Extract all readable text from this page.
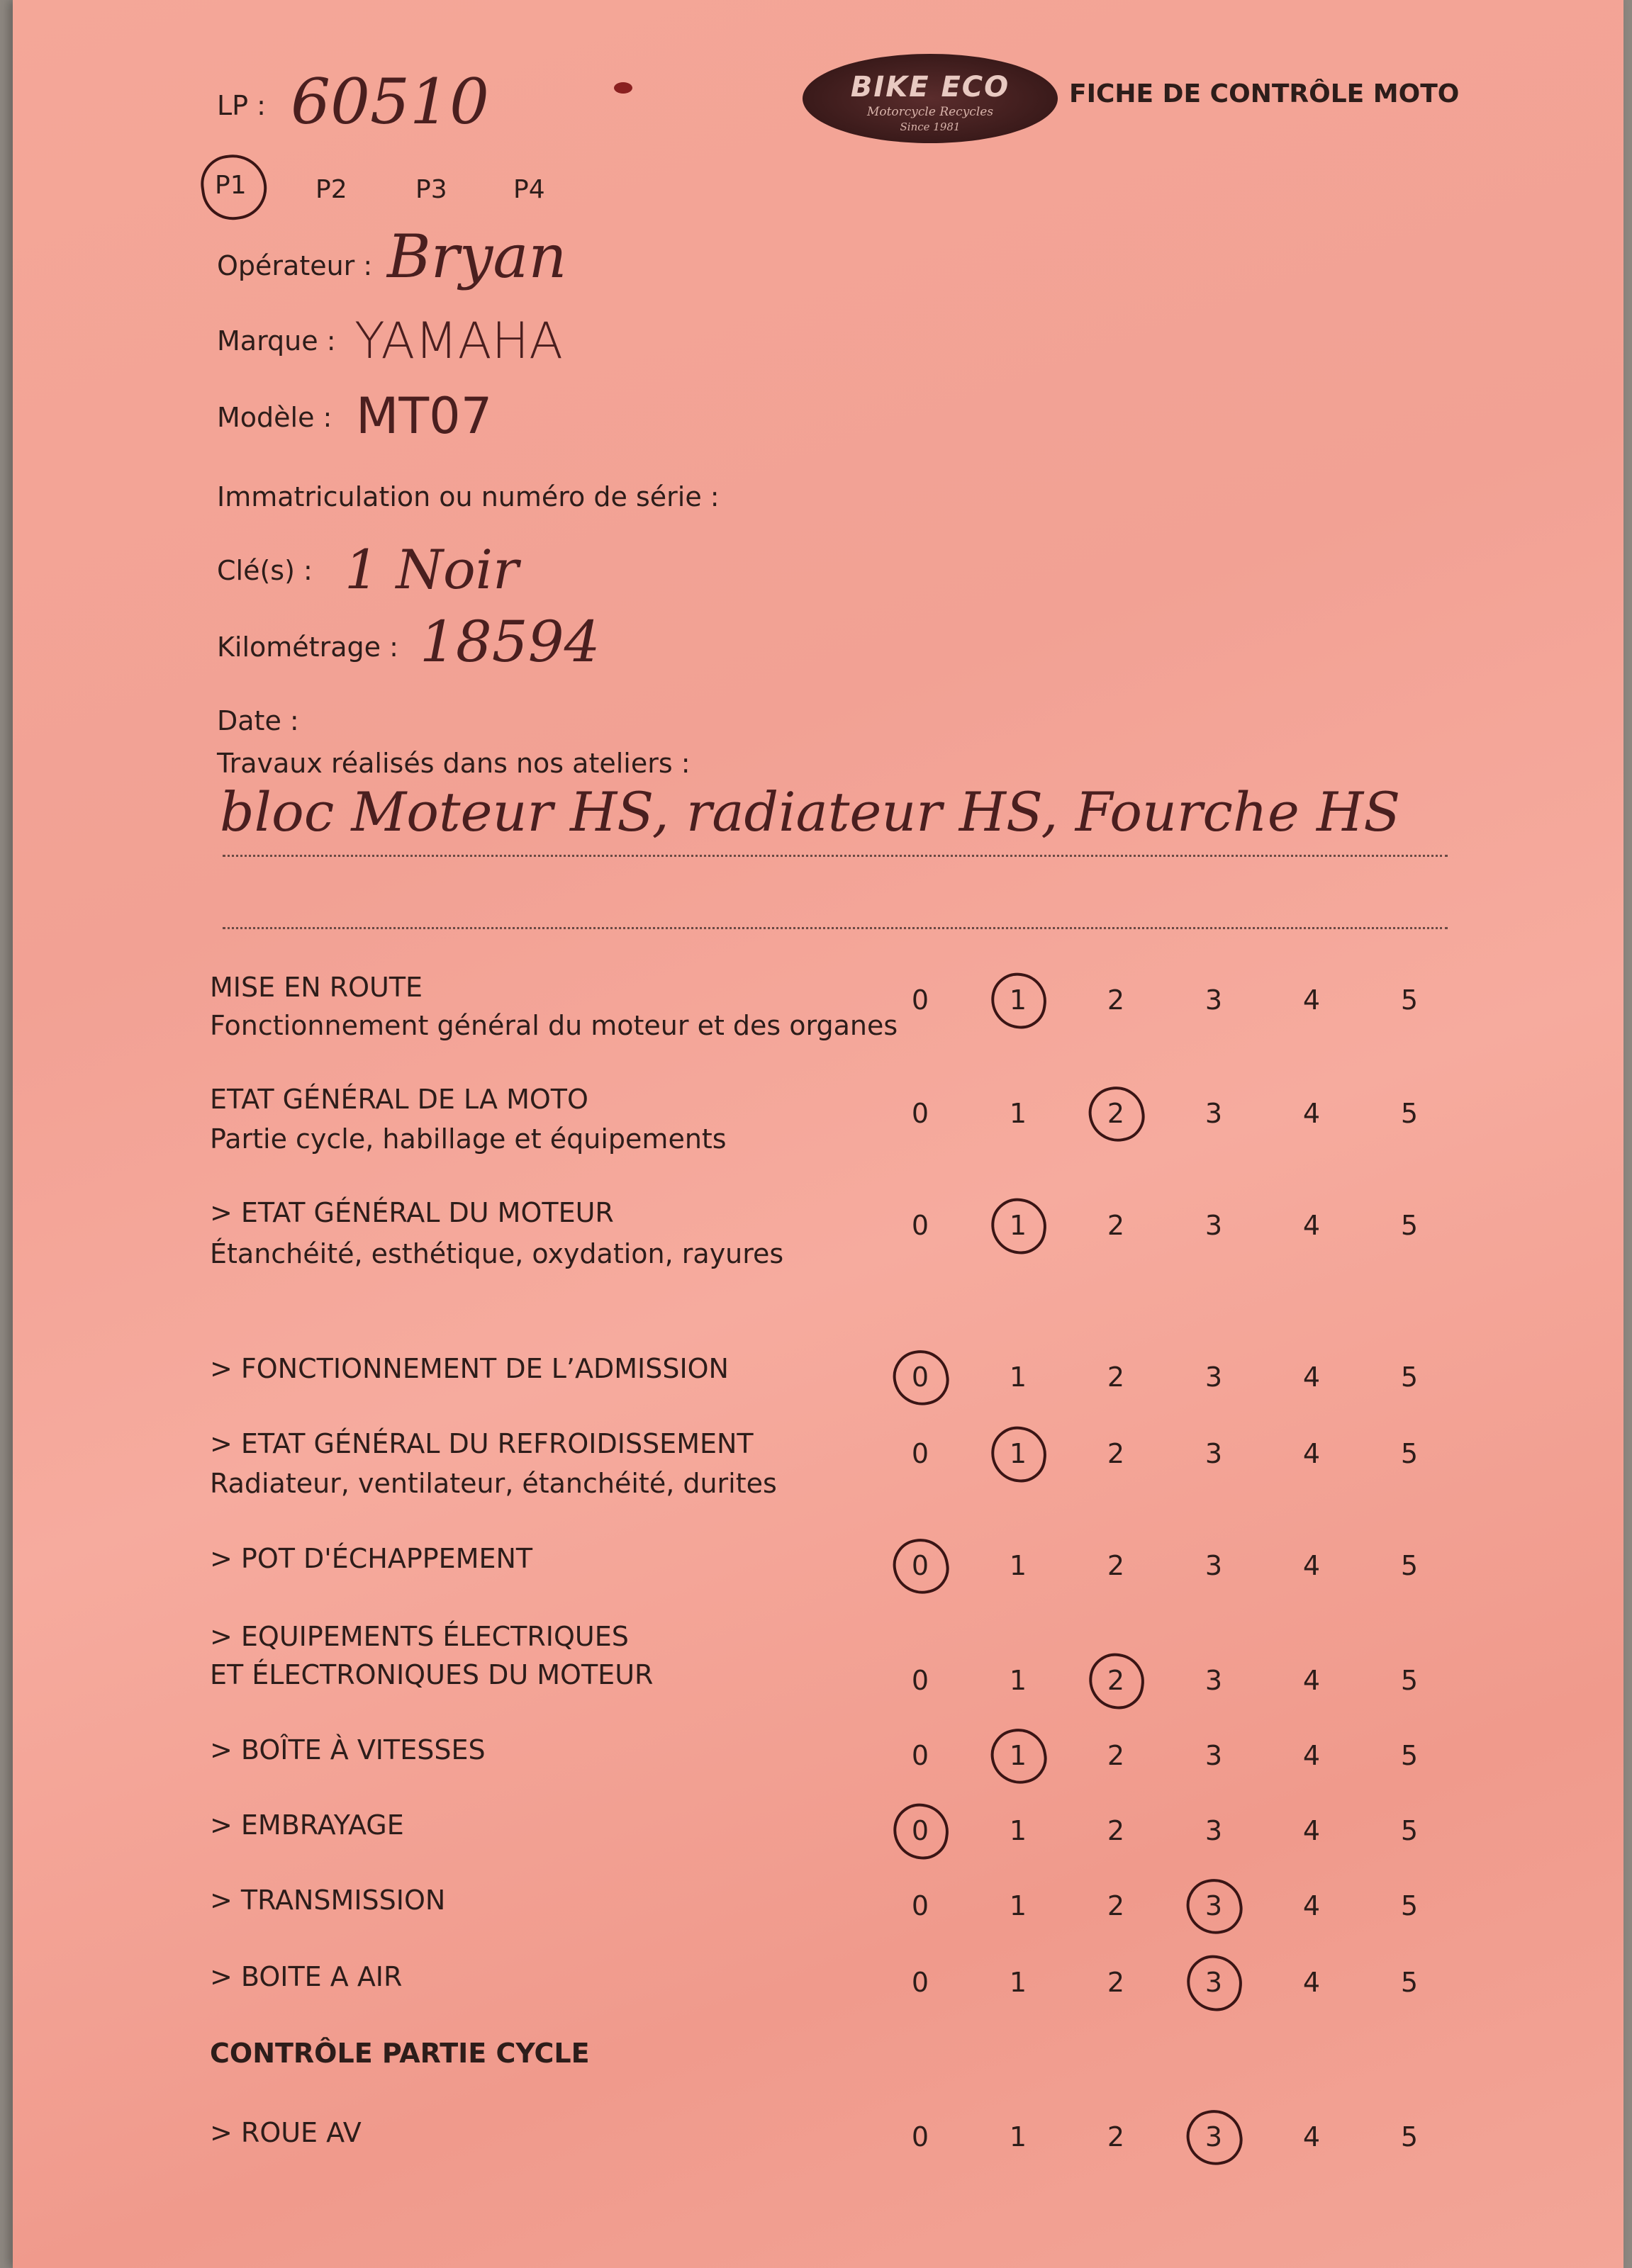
LP : 60510	BIKE ECO
Motorcycle Recycles
Since 1981
FICHE DE CONTRÔLE MOTO
P1	P2	P3	P4
Opérateur : Bryan
Marque : YAMAHA
Modèle : MT07
Immatriculation ou numéro de série :
Clé(s) : 1 Noir
Kilométrage : 18594
Date :
Travaux réalisés dans nos ateliers :
bloc Moteur HS, radiateur HS, Fourche HS
MISE EN ROUTE
Fonctionnement général du moteur et des organes
0	1	2	3	4	5
ETAT GÉNÉRAL DE LA MOTO
Partie cycle, habillage et équipements
0	1	2	3	4	5
> ETAT GÉNÉRAL DU MOTEUR
Étanchéité, esthétique, oxydation, rayures
0	1	2	3	4	5
> FONCTIONNEMENT DE L’ADMISSION	0	1	2	3	4	5
> ETAT GÉNÉRAL DU REFROIDISSEMENT
Radiateur, ventilateur, étanchéité, durites
0	1	2	3	4	5
> POT D'ÉCHAPPEMENT	0	1	2	3	4	5
> EQUIPEMENTS ÉLECTRIQUES
ET ÉLECTRONIQUES DU MOTEUR	0	1	2	3	4	5
> BOÎTE À VITESSES	0	1	2	3	4	5
> EMBRAYAGE	0	1	2	3	4	5
> TRANSMISSION	0	1	2	3	4	5
> BOITE A AIR	0	1	2	3	4	5
CONTRÔLE PARTIE CYCLE
> ROUE AV	0	1	2	3	4	5
